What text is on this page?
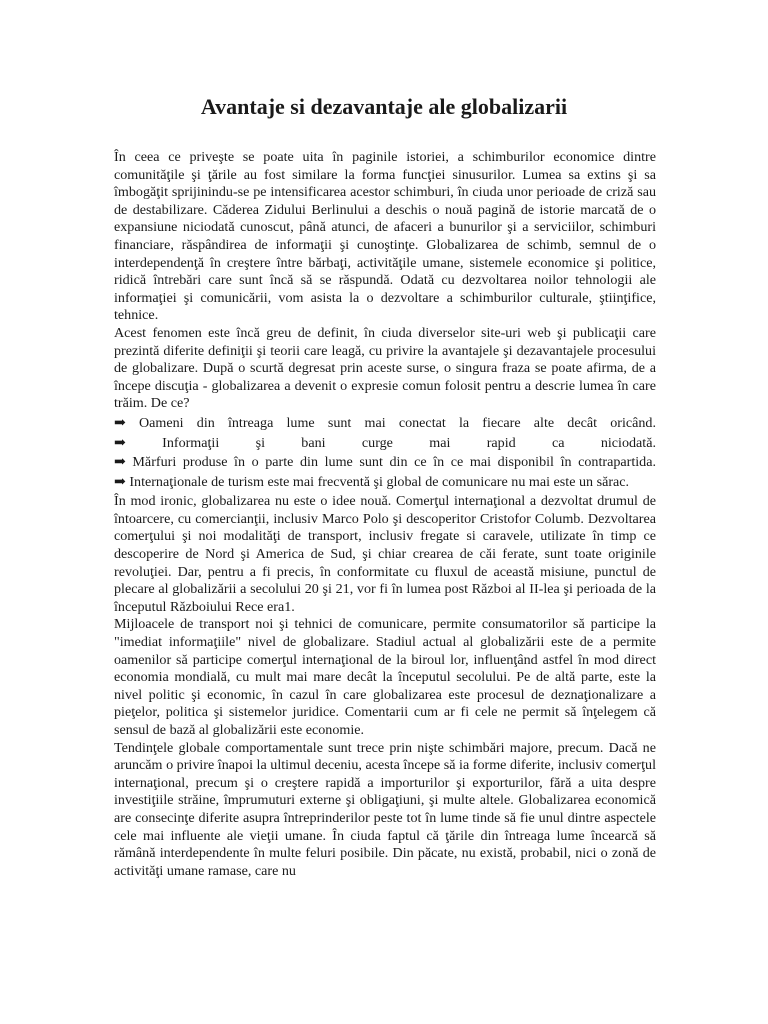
Avantaje si dezavantaje ale globalizarii

În ceea ce priveşte se poate uita în paginile istoriei, a schimburilor economice dintre comunităţile şi ţările au fost similare la forma funcţiei sinusurilor. Lumea sa extins şi sa îmbogăţit sprijinindu-se pe intensificarea acestor schimburi, în ciuda unor perioade de criză sau de destabilizare. Căderea Zidului Berlinului a deschis o nouă pagină de istorie marcată de o expansiune niciodată cunoscut, până atunci, de afaceri a bunurilor şi a serviciilor, schimburi financiare, răspândirea de informaţii şi cunoştinţe. Globalizarea de schimb, semnul de o interdependenţă în creştere între bărbaţi, activităţile umane, sistemele economice şi politice, ridică întrebări care sunt încă să se răspundă. Odată cu dezvoltarea noilor tehnologii ale informaţiei şi comunicării, vom asista la o dezvoltare a schimburilor culturale, ştiinţifice, tehnice.

Acest fenomen este încă greu de definit, în ciuda diverselor site-uri web şi publicaţii care prezintă diferite definiţii şi teorii care leagă, cu privire la avantajele şi dezavantajele procesului de globalizare. După o scurtă degresat prin aceste surse, o singura fraza se poate afirma, de a începe discuţia - globalizarea a devenit o expresie comun folosit pentru a descrie lumea în care trăim. De ce?

➡ Oameni din întreaga lume sunt mai conectat la fiecare alte decât oricând.

➡ Informaţii şi bani curge mai rapid ca niciodată.

➡ Mărfuri produse în o parte din lume sunt din ce în ce mai disponibil în contrapartida.

➡ Internaţionale de turism este mai frecventă şi global de comunicare nu mai este un sărac.

În mod ironic, globalizarea nu este o idee nouă. Comerţul internaţional a dezvoltat drumul de întoarcere, cu comercianţii, inclusiv Marco Polo şi descoperitor Cristofor Columb. Dezvoltarea comerţului şi noi modalităţi de transport, inclusiv fregate si caravele, utilizate în timp ce descoperire de Nord şi America de Sud, şi chiar crearea de căi ferate, sunt toate originile revoluţiei. Dar, pentru a fi precis, în conformitate cu fluxul de această misiune, punctul de plecare al globalizării a secolului 20 şi 21, vor fi în lumea post Război al II-lea şi perioada de la începutul Războiului Rece era1.

Mijloacele de transport noi şi tehnici de comunicare, permite consumatorilor să participe la "imediat informaţiile" nivel de globalizare. Stadiul actual al globalizării este de a permite oamenilor să participe comerţul internaţional de la biroul lor, influenţând astfel în mod direct economia mondială, cu mult mai mare decât la începutul secolului. Pe de altă parte, este la nivel politic şi economic, în cazul în care globalizarea este procesul de deznaţionalizare a pieţelor, politica şi sistemelor juridice. Comentarii cum ar fi cele ne permit să înţelegem că sensul de bază al globalizării este economie.

Tendinţele globale comportamentale sunt trece prin nişte schimbări majore, precum. Dacă ne aruncăm o privire înapoi la ultimul deceniu, acesta începe să ia forme diferite, inclusiv comerţul internaţional, precum şi o creştere rapidă a importurilor şi exporturilor, fără a uita despre investiţiile străine, împrumuturi externe şi obligaţiuni, şi multe altele. Globalizarea economică are consecinţe diferite asupra întreprinderilor peste tot în lume tinde să fie unul dintre aspectele cele mai influente ale vieţii umane. În ciuda faptul că ţările din întreaga lume încearcă să rămână interdependente în multe feluri posibile. Din păcate, nu există, probabil, nici o zonă de activităţi umane ramase, care nu
